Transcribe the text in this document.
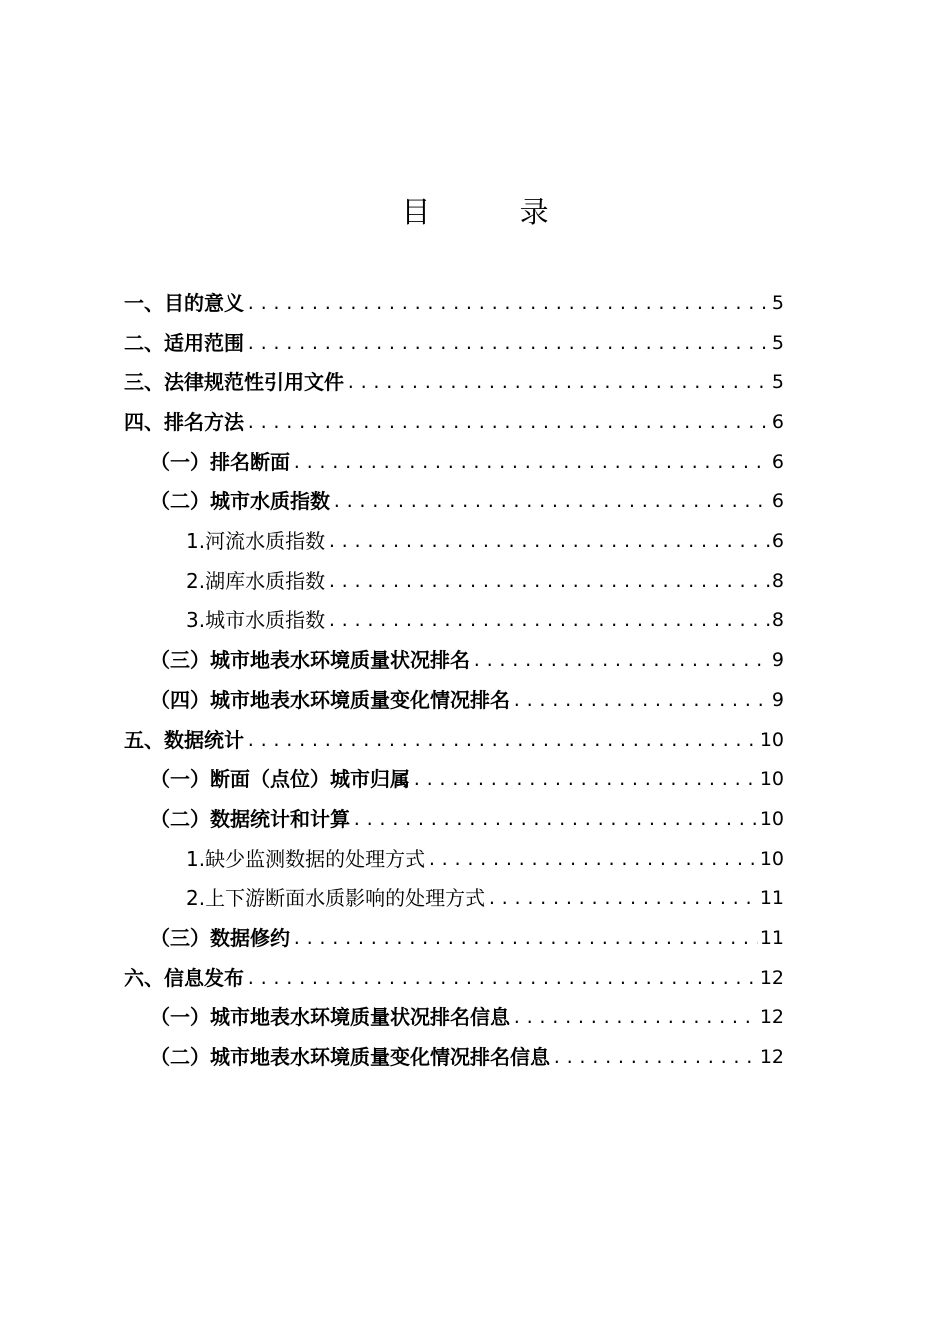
目 录
一、目的意义 .....	5
二、适用范围 .....	5
三、法律规范性引用文件 .....	5
四、排名方法 .....	6
（一）排名断面 .....	6
（二）城市水质指数 .....	6
1.河流水质指数 .....	6
2.湖库水质指数 .....	8
3.城市水质指数 .....	8
（三）城市地表水环境质量状况排名 .....	9
（四）城市地表水环境质量变化情况排名 .....	9
五、数据统计 .....	10
（一）断面（点位）城市归属 .....	10
（二）数据统计和计算 .....	10
1.缺少监测数据的处理方式 .....	10
2.上下游断面水质影响的处理方式 .....	11
（三）数据修约 .....	11
六、信息发布 .....	12
（一）城市地表水环境质量状况排名信息 .....	12
（二）城市地表水环境质量变化情况排名信息 .....	12
